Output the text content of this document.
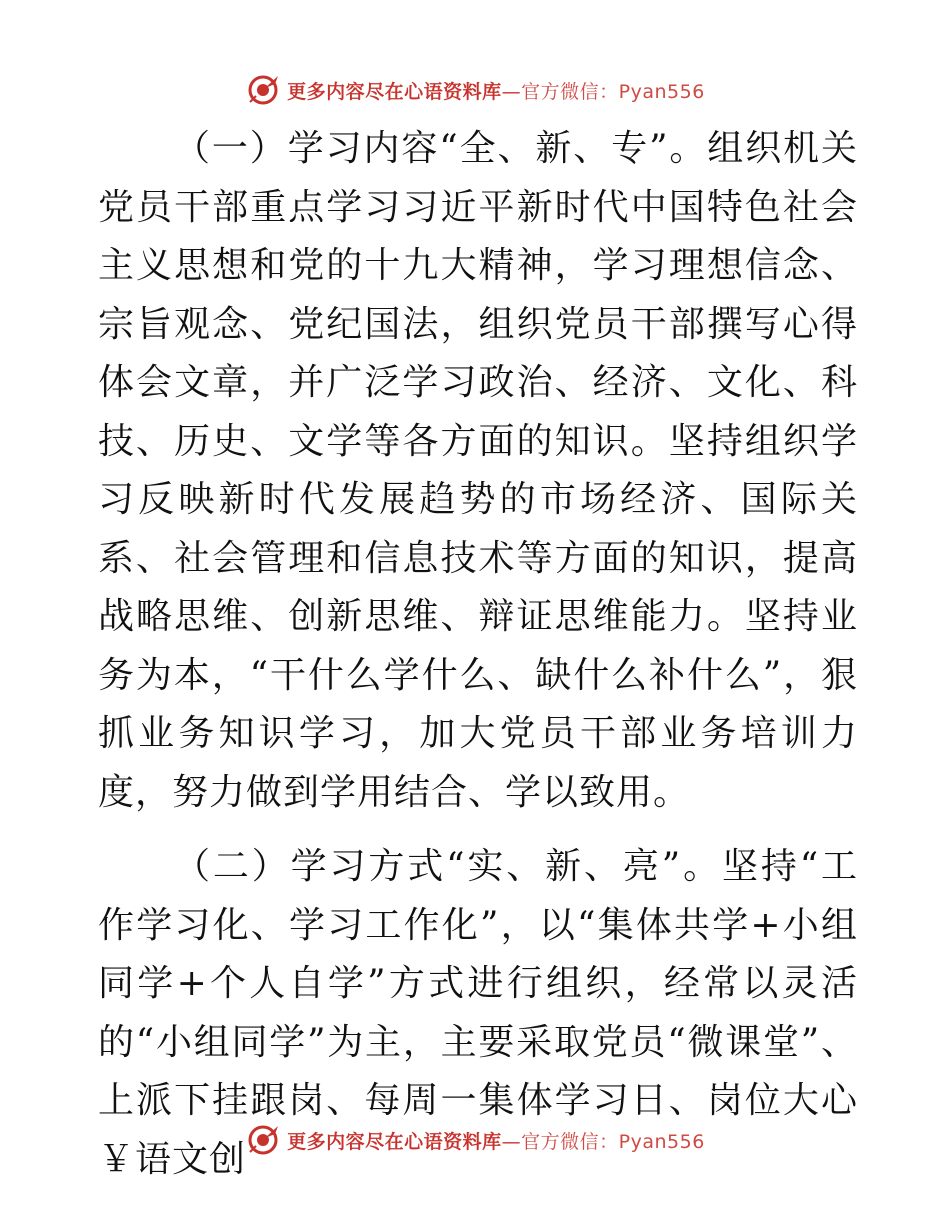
更多内容尽在心语资料库—官方微信：Pyan556

（一）学习内容“全、新、专”。组织机关党员干部重点学习习近平新时代中国特色社会主义思想和党的十九大精神，学习理想信念、宗旨观念、党纪国法，组织党员干部撰写心得体会文章，并广泛学习政治、经济、文化、科技、历史、文学等各方面的知识。坚持组织学习反映新时代发展趋势的市场经济、国际关系、社会管理和信息技术等方面的知识，提高战略思维、创新思维、辩证思维能力。坚持业务为本，“干什么学什么、缺什么补什么”，狠抓业务知识学习，加大党员干部业务培训力度，努力做到学用结合、学以致用。

（二）学习方式“实、新、亮”。坚持“工作学习化、学习工作化”，以“集体共学+小组同学+个人自学”方式进行组织，经常以灵活的“小组同学”为主，主要采取党员“微课堂”、上派下挂跟岗、每周一集体学习日、岗位大心￥语文创	更多内容尽在心语资料库—官方微信：Pyan556
